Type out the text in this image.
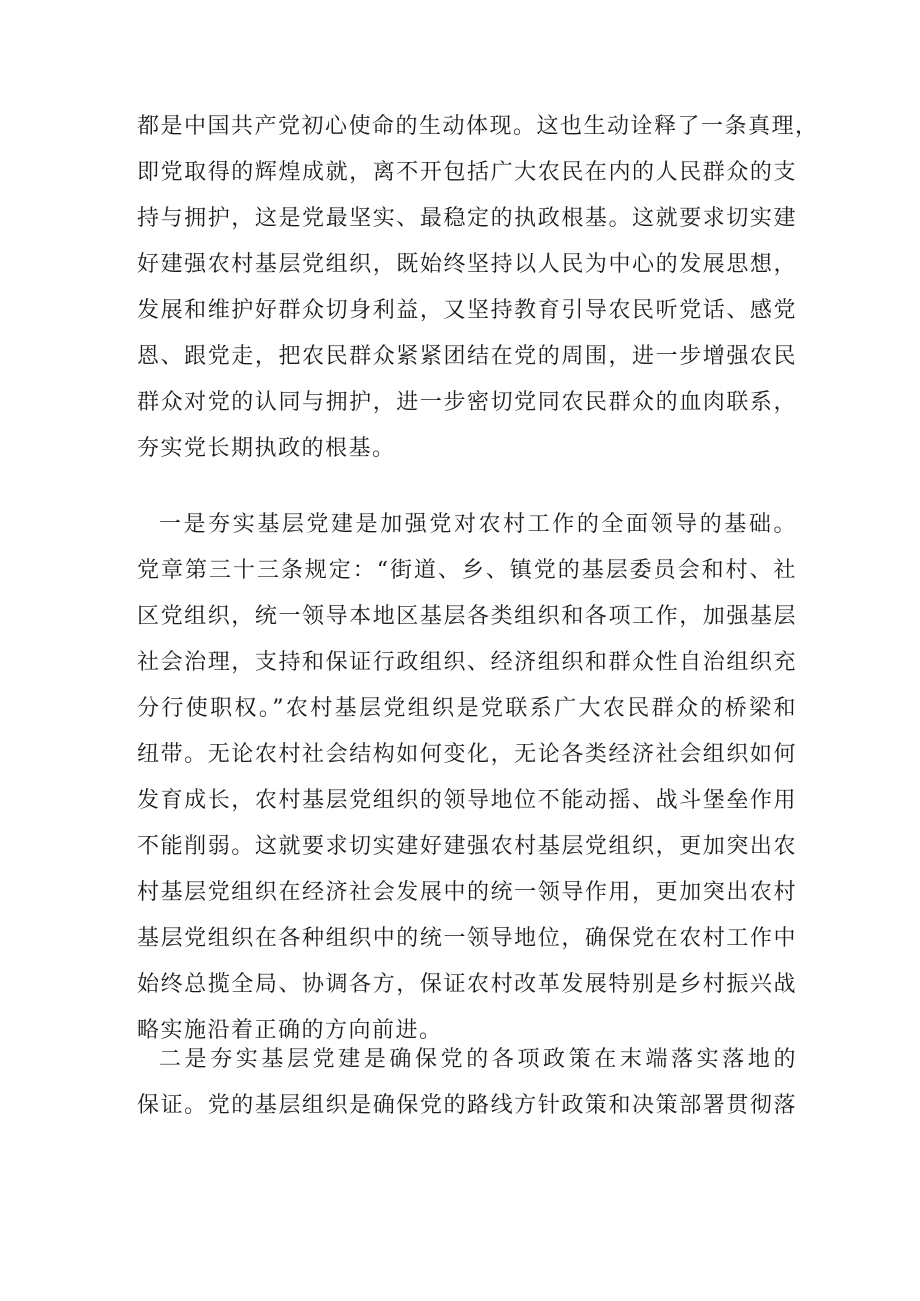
都是中国共产党初心使命的生动体现。这也生动诠释了一条真理，
即党取得的辉煌成就，离不开包括广大农民在内的人民群众的支
持与拥护，这是党最坚实、最稳定的执政根基。这就要求切实建
好建强农村基层党组织，既始终坚持以人民为中心的发展思想，
发展和维护好群众切身利益，又坚持教育引导农民听党话、感党
恩、跟党走，把农民群众紧紧团结在党的周围，进一步增强农民
群众对党的认同与拥护，进一步密切党同农民群众的血肉联系，
夯实党长期执政的根基。
一是夯实基层党建是加强党对农村工作的全面领导的基础。
党章第三十三条规定：“街道、乡、镇党的基层委员会和村、社
区党组织，统一领导本地区基层各类组织和各项工作，加强基层
社会治理，支持和保证行政组织、经济组织和群众性自治组织充
分行使职权。”农村基层党组织是党联系广大农民群众的桥梁和
纽带。无论农村社会结构如何变化，无论各类经济社会组织如何
发育成长，农村基层党组织的领导地位不能动摇、战斗堡垒作用
不能削弱。这就要求切实建好建强农村基层党组织，更加突出农
村基层党组织在经济社会发展中的统一领导作用，更加突出农村
基层党组织在各种组织中的统一领导地位，确保党在农村工作中
始终总揽全局、协调各方，保证农村改革发展特别是乡村振兴战
略实施沿着正确的方向前进。
二是夯实基层党建是确保党的各项政策在末端落实落地的
保证。党的基层组织是确保党的路线方针政策和决策部署贯彻落
